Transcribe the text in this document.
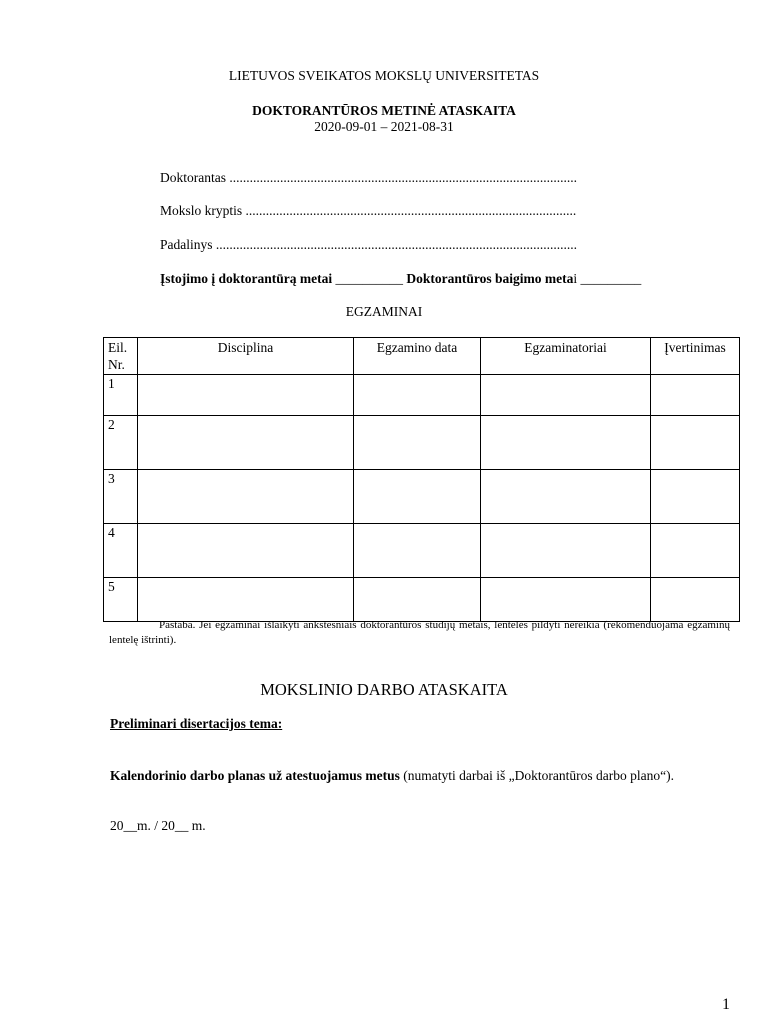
LIETUVOS SVEIKATOS MOKSLŲ UNIVERSITETAS
DOKTORANTŪROS METINĖ ATASKAITA
2020-09-01 – 2021-08-31
Doktorantas .......................................................................................................
Mokslo kryptis ..................................................................................................
Padalinys ...........................................................................................................
Įstojimo į doktorantūrą metai __________ Doktorantūros baigimo metai _________
EGZAMINAI
Eil. Nr.	Disciplina	Egzamino data	Egzaminatoriai	Įvertinimas
1				
2				
3				
4				
5				
Pastaba. Jei egzaminai išlaikyti ankstesniais doktorantūros studijų metais, lentelės pildyti nereikia (rekomenduojama egzaminų lentelę ištrinti).
MOKSLINIO DARBO ATASKAITA
Preliminari disertacijos tema:
Kalendorinio darbo planas už atestuojamus metus (numatyti darbai iš „Doktorantūros darbo plano“).
20__m. / 20__ m.
1
